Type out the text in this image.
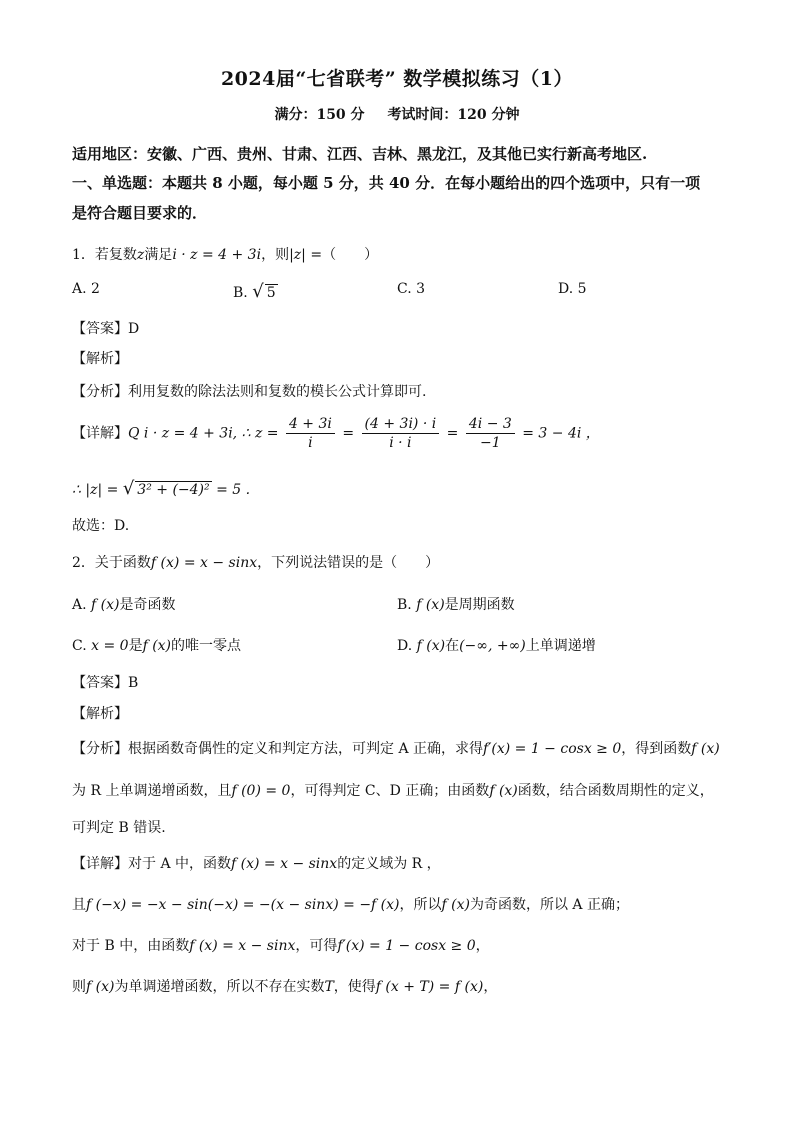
2024届“七省联考” 数学模拟练习（1）
满分：150 分 考试时间：120 分钟
适用地区：安徽、广西、贵州、甘肃、江西、吉林、黑龙江，及其他已实行新高考地区.
一、单选题：本题共 8 小题，每小题 5 分，共 40 分．在每小题给出的四个选项中，只有一项
是符合题目要求的．
1．若复数z满足i · z = 4 + 3i，则|z| =（　　）
A. 2	B. √ 5	C. 3	D. 5
【答案】D
【解析】
【分析】利用复数的除法法则和复数的模长公式计算即可.
【详解】Q i · z = 4 + 3i, ∴ $z = \frac{4 + 3i}{i} = \frac{(4 + 3i) \cdot i}{i \cdot i} = \frac{4i - 3}{-1} = 3 - 4i$ ，
∴ |z| = √ 3² + (−4)² = 5 .
故选：D.
2．关于函数f (x) = x − sinx，下列说法错误的是（　　）
A. f (x)是奇函数	B. f (x)是周期函数
C. x = 0是f (x)的唯一零点	D. f (x)在(−∞, +∞)上单调递增
【答案】B
【解析】
【分析】根据函数奇偶性的定义和判定方法，可判定 A 正确，求得f′(x) = 1 − cosx ≥ 0，得到函数f (x)
为 R 上单调递增函数，且f (0) = 0，可得判定 C、D 正确；由函数f (x)函数，结合函数周期性的定义，
可判定 B 错误.
【详解】对于 A 中，函数f (x) = x − sinx的定义域为 R ，
且f (−x) = −x − sin(−x) = −(x − sinx) = −f (x)，所以f (x)为奇函数，所以 A 正确；
对于 B 中，由函数f (x) = x − sinx，可得f′(x) = 1 − cosx ≥ 0，
则f (x)为单调递增函数，所以不存在实数T，使得f (x + T) = f (x)，
